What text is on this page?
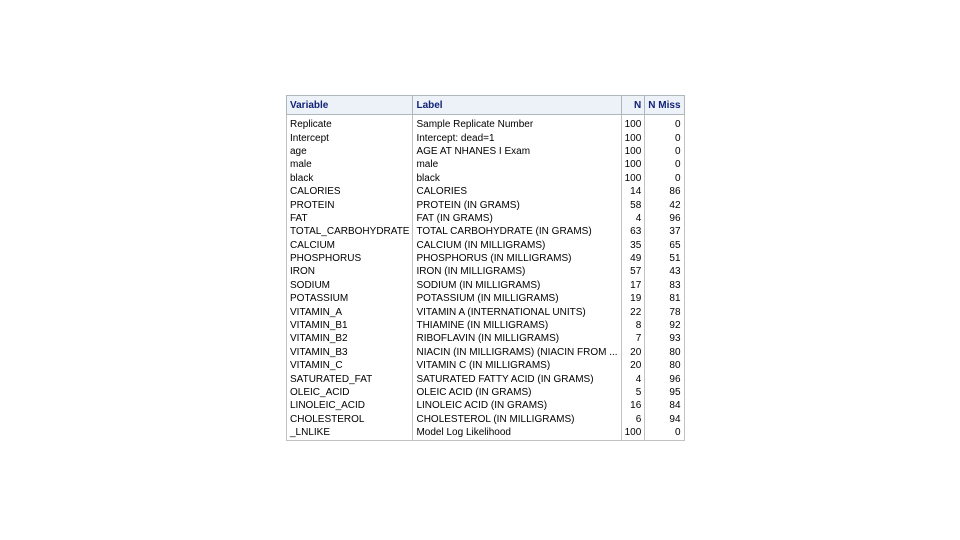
Variable	Label	N	N Miss
Replicate	Sample Replicate Number	100	0
Intercept	Intercept: dead=1	100	0
age	AGE AT NHANES I Exam	100	0
male	male	100	0
black	black	100	0
CALORIES	CALORIES	14	86
PROTEIN	PROTEIN (IN GRAMS)	58	42
FAT	FAT (IN GRAMS)	4	96
TOTAL_CARBOHYDRATE	TOTAL CARBOHYDRATE (IN GRAMS)	63	37
CALCIUM	CALCIUM (IN MILLIGRAMS)	35	65
PHOSPHORUS	PHOSPHORUS (IN MILLIGRAMS)	49	51
IRON	IRON (IN MILLIGRAMS)	57	43
SODIUM	SODIUM (IN MILLIGRAMS)	17	83
POTASSIUM	POTASSIUM (IN MILLIGRAMS)	19	81
VITAMIN_A	VITAMIN A (INTERNATIONAL UNITS)	22	78
VITAMIN_B1	THIAMINE (IN MILLIGRAMS)	8	92
VITAMIN_B2	RIBOFLAVIN (IN MILLIGRAMS)	7	93
VITAMIN_B3	NIACIN (IN MILLIGRAMS) (NIACIN FROM ...	20	80
VITAMIN_C	VITAMIN C (IN MILLIGRAMS)	20	80
SATURATED_FAT	SATURATED FATTY ACID (IN GRAMS)	4	96
OLEIC_ACID	OLEIC ACID (IN GRAMS)	5	95
LINOLEIC_ACID	LINOLEIC ACID (IN GRAMS)	16	84
CHOLESTEROL	CHOLESTEROL (IN MILLIGRAMS)	6	94
_LNLIKE	Model Log Likelihood	100	0
